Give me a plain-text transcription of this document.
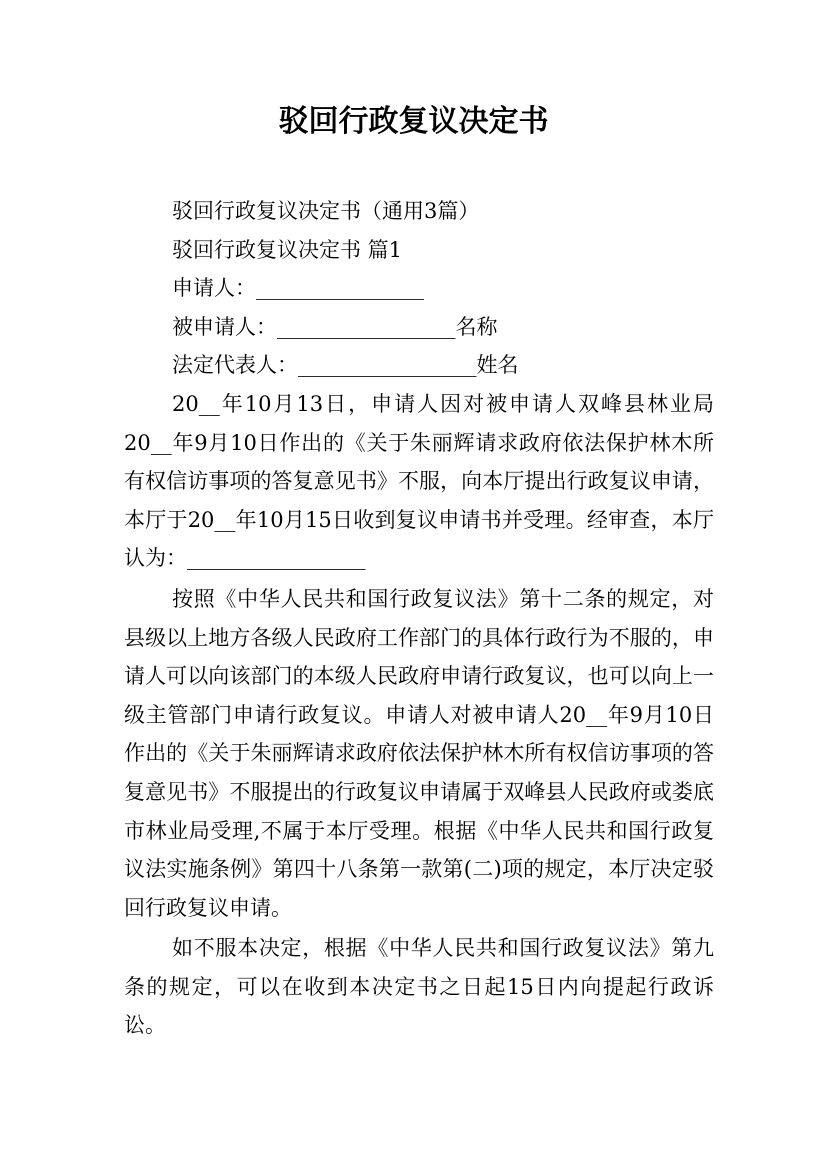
驳回行政复议决定书

驳回行政复议决定书（通用3篇）

驳回行政复议决定书 篇1

申请人：________________

被申请人：_________________名称

法定代表人：_________________姓名

20__年10月13日，申请人因对被申请人双峰县林业局20__年9月10日作出的《关于朱丽辉请求政府依法保护林木所有权信访事项的答复意见书》不服，向本厅提出行政复议申请，本厅于20__年10月15日收到复议申请书并受理。经审查，本厅认为：_________________

按照《中华人民共和国行政复议法》第十二条的规定，对县级以上地方各级人民政府工作部门的具体行政行为不服的，申请人可以向该部门的本级人民政府申请行政复议，也可以向上一级主管部门申请行政复议。申请人对被申请人20__年9月10日作出的《关于朱丽辉请求政府依法保护林木所有权信访事项的答复意见书》不服提出的行政复议申请属于双峰县人民政府或娄底市林业局受理,不属于本厅受理。根据《中华人民共和国行政复议法实施条例》第四十八条第一款第(二)项的规定，本厅决定驳回行政复议申请。

如不服本决定，根据《中华人民共和国行政复议法》第九条的规定，可以在收到本决定书之日起15日内向提起行政诉讼。
